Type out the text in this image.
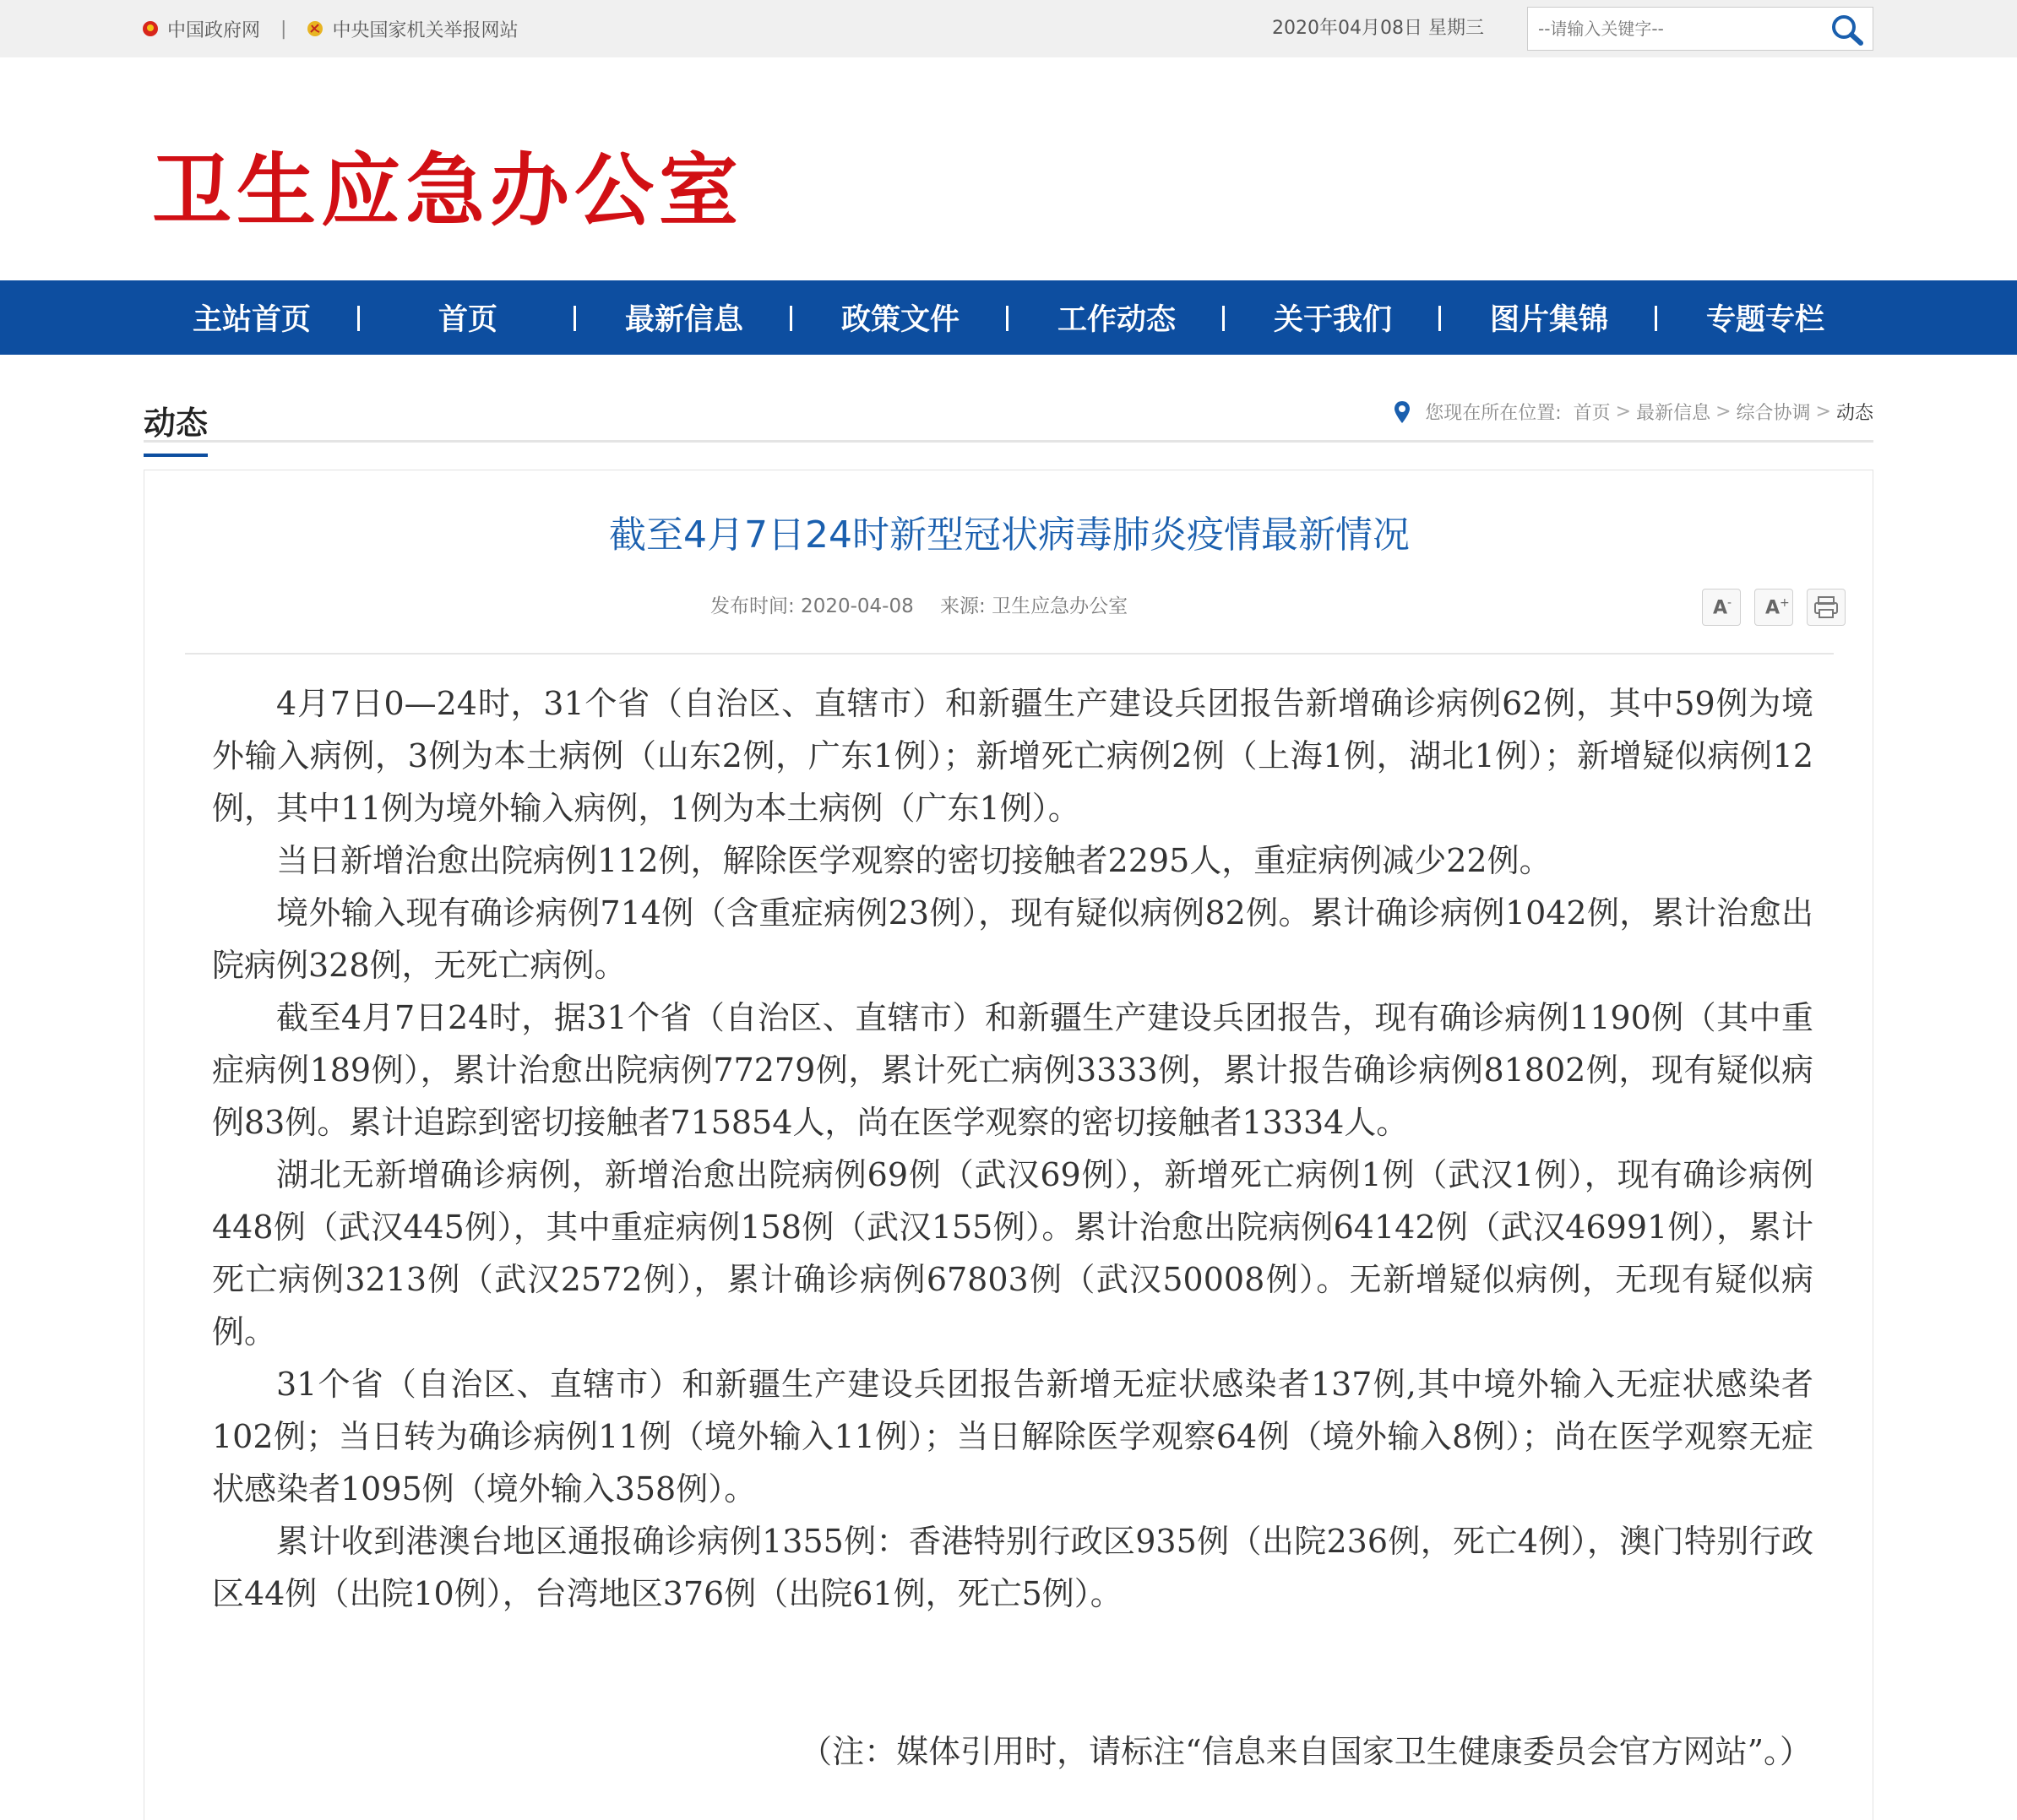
中国政府网 | 中央国家机关举报网站	2020年04月08日 星期三
--请输入关键字--
卫生应急办公室
主站首页	首页	最新信息	政策文件	工作动态	关于我们	图片集锦	专题专栏
动态	您现在所在位置: 首页 > 最新信息 > 综合协调 > 动态
截至4月7日24时新型冠状病毒肺炎疫情最新情况
发布时间: 2020-04-08 来源: 卫生应急办公室	A- A+

4月7日0—24时，31个省（自治区、直辖市）和新疆生产建设兵团报告新增确诊病例62例，其中59例为境外输入病例，3例为本土病例（山东2例，广东1例）；新增死亡病例2例（上海1例，湖北1例）；新增疑似病例12例，其中11例为境外输入病例，1例为本土病例（广东1例）。

当日新增治愈出院病例112例，解除医学观察的密切接触者2295人，重症病例减少22例。

境外输入现有确诊病例714例（含重症病例23例），现有疑似病例82例。累计确诊病例1042例，累计治愈出院病例328例，无死亡病例。

截至4月7日24时，据31个省（自治区、直辖市）和新疆生产建设兵团报告，现有确诊病例1190例（其中重症病例189例），累计治愈出院病例77279例，累计死亡病例3333例，累计报告确诊病例81802例，现有疑似病例83例。累计追踪到密切接触者715854人，尚在医学观察的密切接触者13334人。

湖北无新增确诊病例，新增治愈出院病例69例（武汉69例），新增死亡病例1例（武汉1例），现有确诊病例448例（武汉445例），其中重症病例158例（武汉155例）。累计治愈出院病例64142例（武汉46991例），累计死亡病例3213例（武汉2572例），累计确诊病例67803例（武汉50008例）。无新增疑似病例，无现有疑似病例。

31个省（自治区、直辖市）和新疆生产建设兵团报告新增无症状感染者137例,其中境外输入无症状感染者102例；当日转为确诊病例11例（境外输入11例）；当日解除医学观察64例（境外输入8例）；尚在医学观察无症状感染者1095例（境外输入358例）。

累计收到港澳台地区通报确诊病例1355例：香港特别行政区935例（出院236例，死亡4例），澳门特别行政区44例（出院10例），台湾地区376例（出院61例，死亡5例）。

（注：媒体引用时，请标注“信息来自国家卫生健康委员会官方网站”。）
